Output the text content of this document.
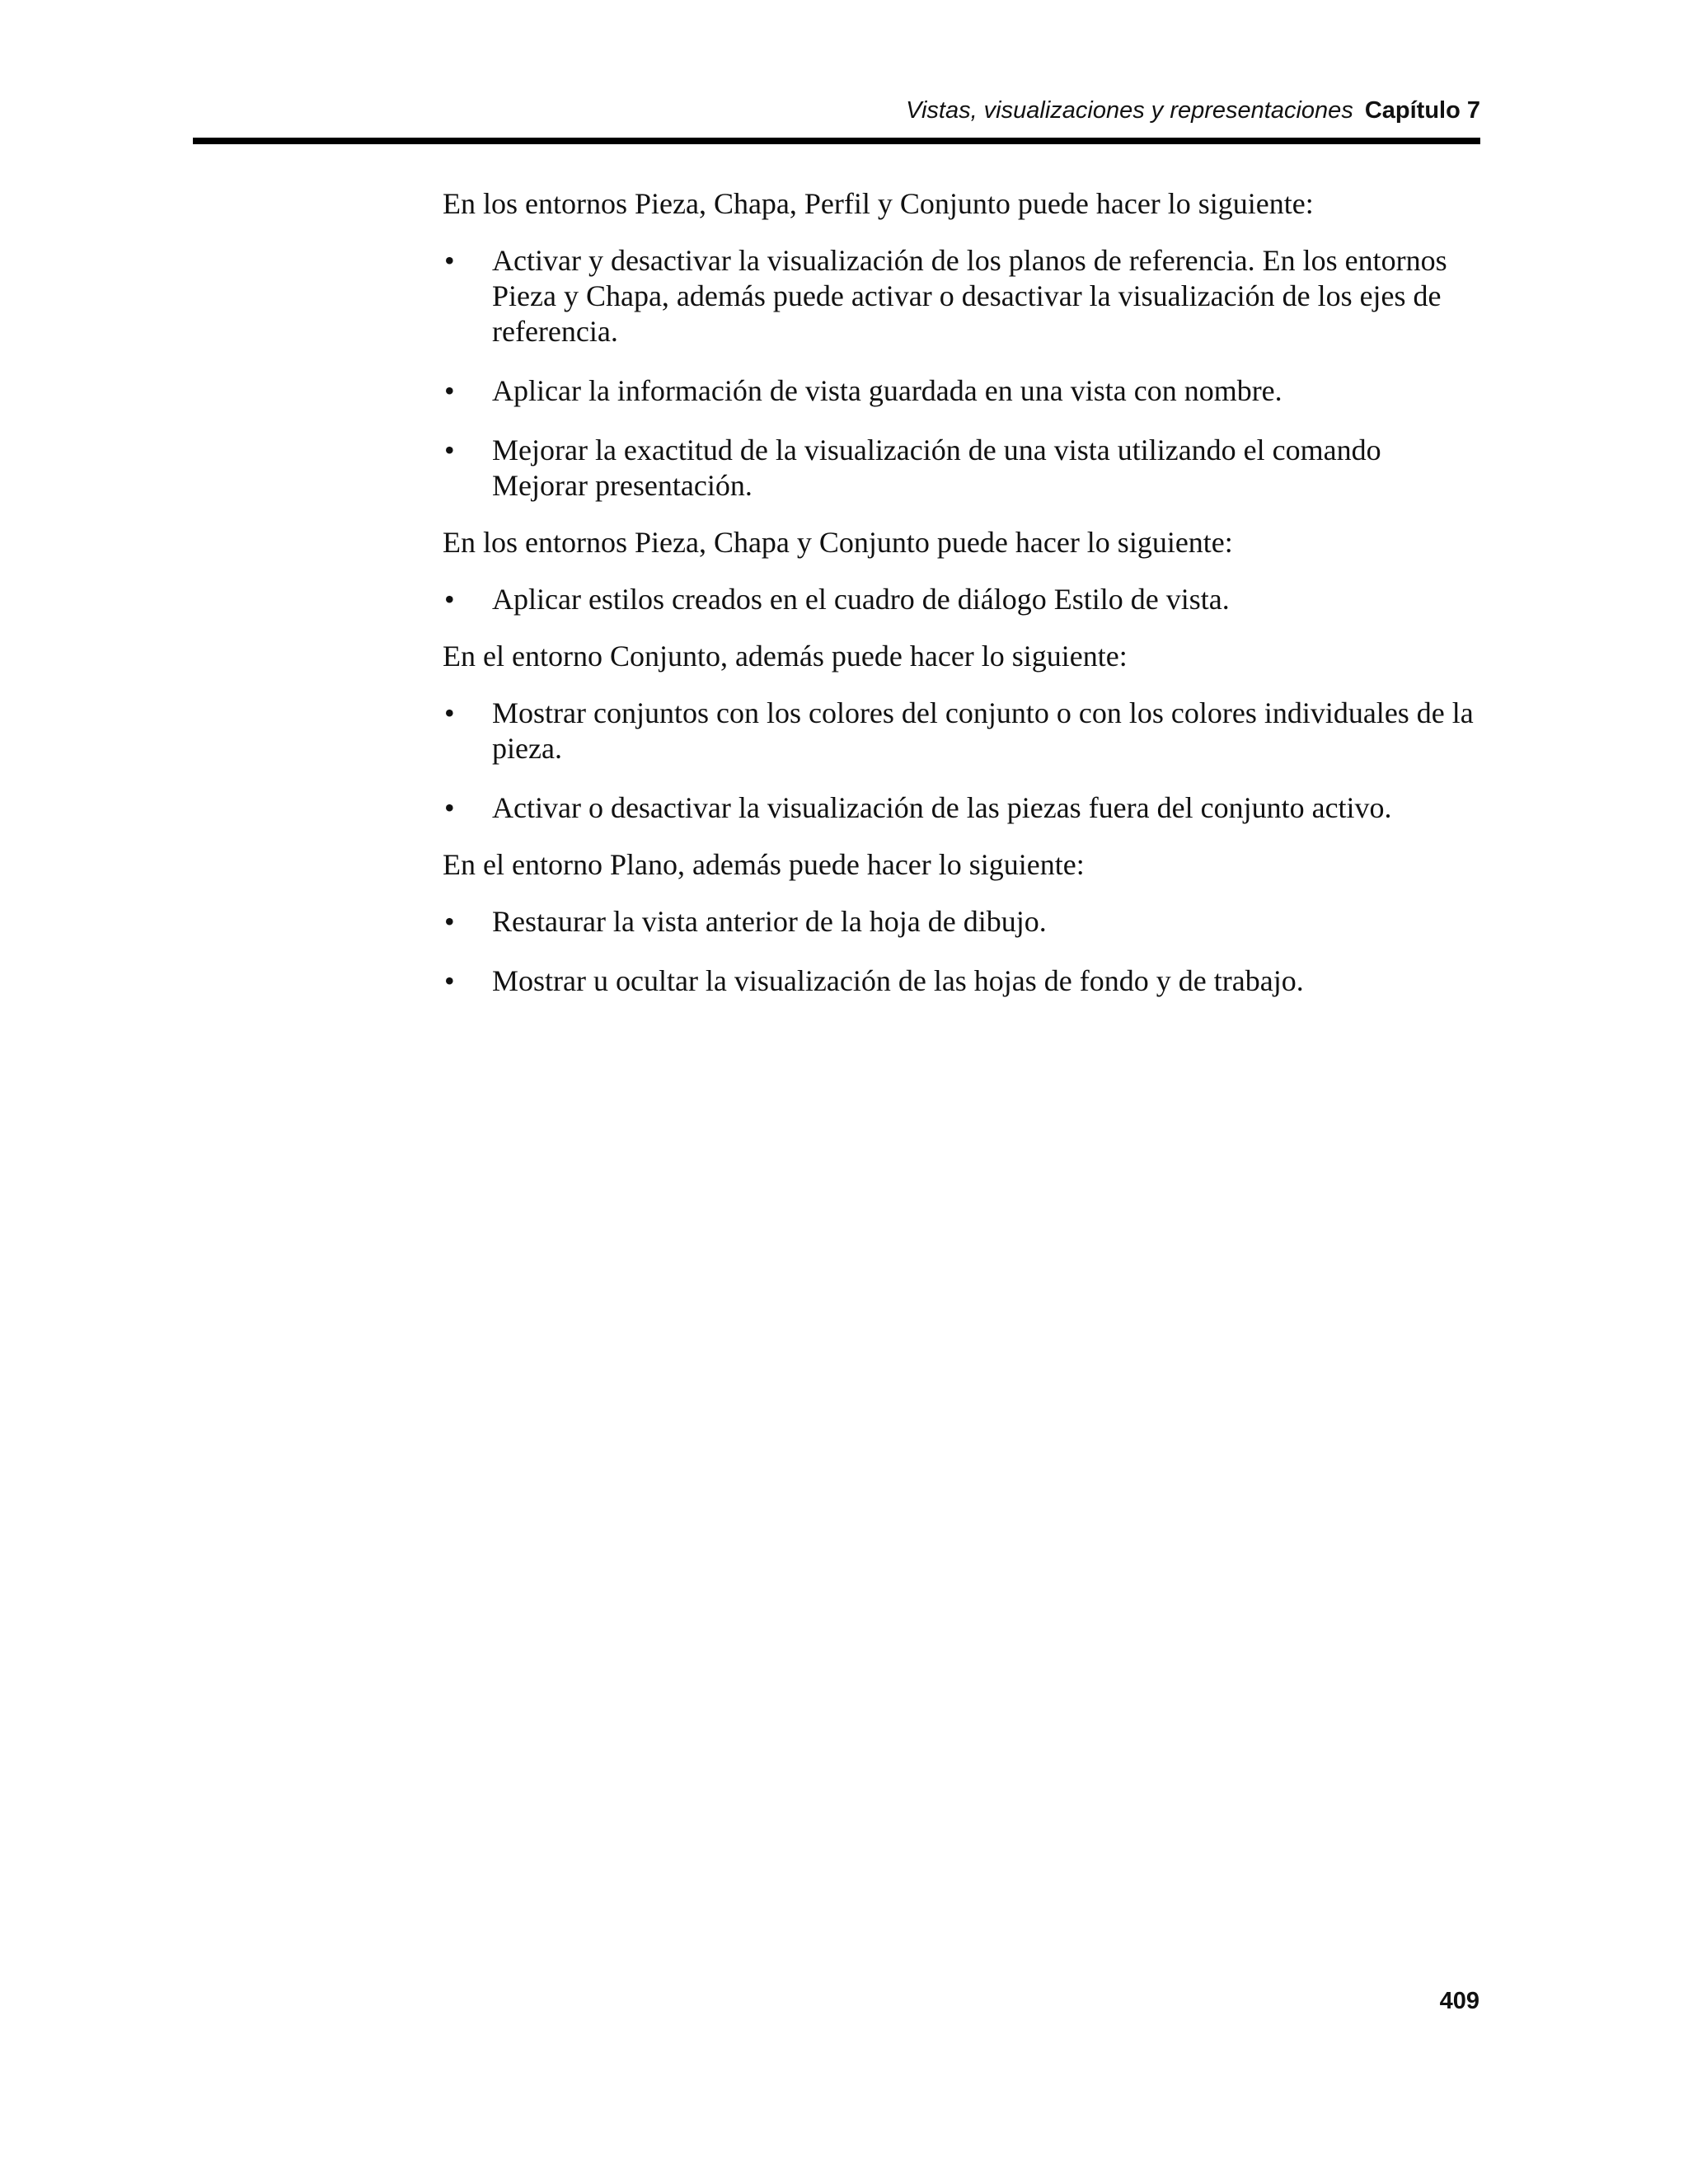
Vistas, visualizaciones y representaciones Capítulo 7

En los entornos Pieza, Chapa, Perfil y Conjunto puede hacer lo siguiente:

• Activar y desactivar la visualización de los planos de referencia. En los entornos Pieza y Chapa, además puede activar o desactivar la visualización de los ejes de referencia.
• Aplicar la información de vista guardada en una vista con nombre.
• Mejorar la exactitud de la visualización de una vista utilizando el comando Mejorar presentación.

En los entornos Pieza, Chapa y Conjunto puede hacer lo siguiente:

• Aplicar estilos creados en el cuadro de diálogo Estilo de vista.

En el entorno Conjunto, además puede hacer lo siguiente:

• Mostrar conjuntos con los colores del conjunto o con los colores individuales de la pieza.
• Activar o desactivar la visualización de las piezas fuera del conjunto activo.

En el entorno Plano, además puede hacer lo siguiente:

• Restaurar la vista anterior de la hoja de dibujo.
• Mostrar u ocultar la visualización de las hojas de fondo y de trabajo.
409
